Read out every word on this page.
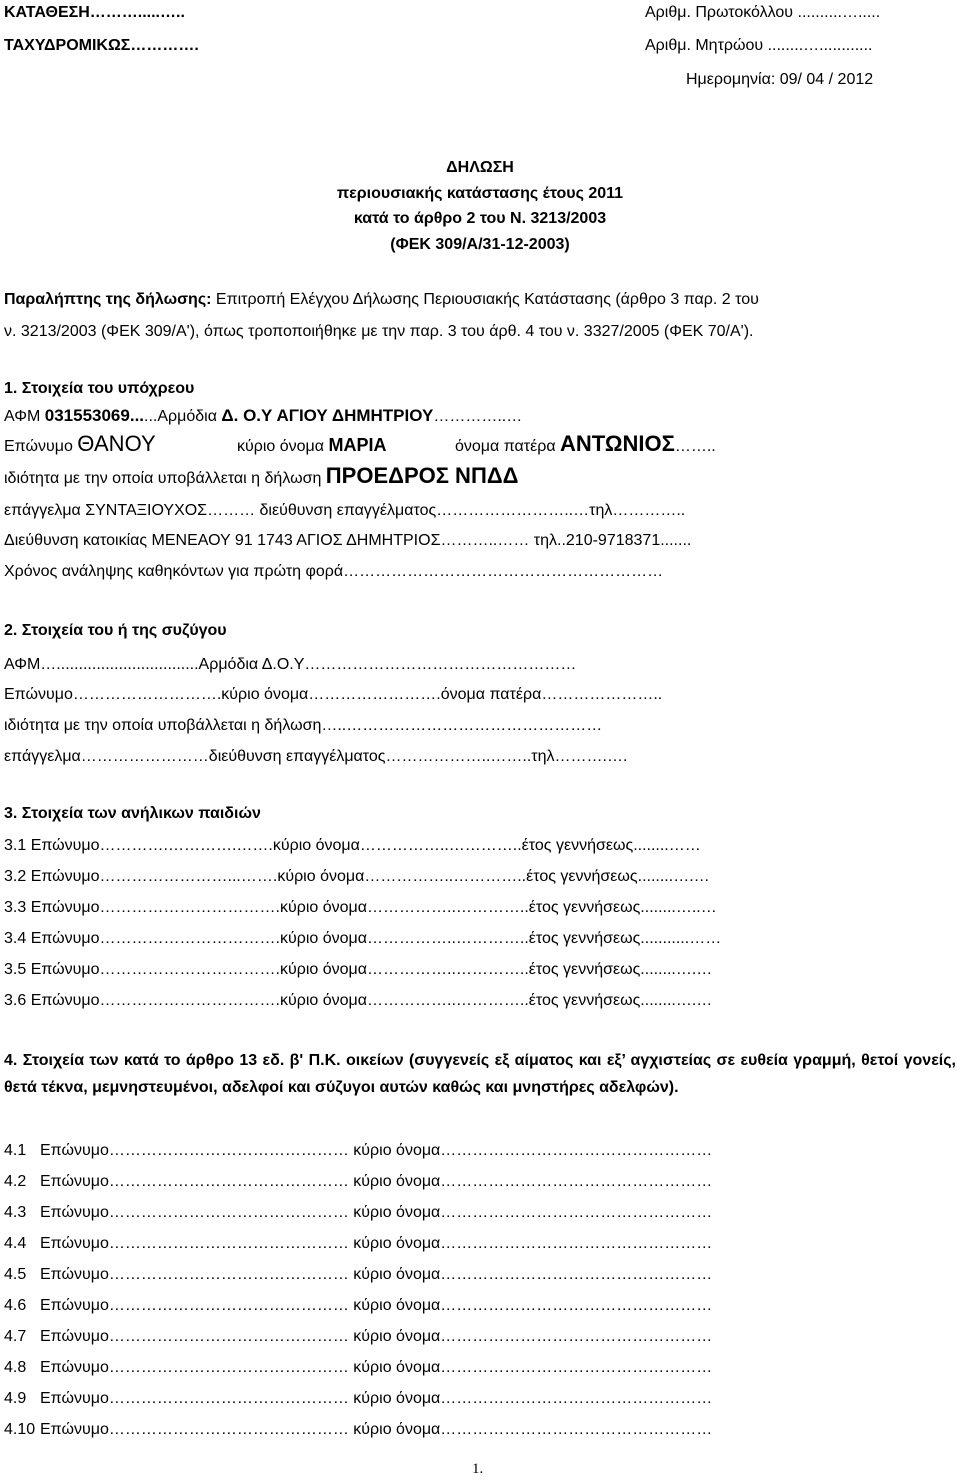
ΚΑΤΑΘΕΣΗ……….....…..
ΤΑΧΥΔΡΟΜΙΚΩΣ………….
Αριθμ. Πρωτοκόλλου ..........….....
Αριθμ. Μητρώου ........…............
Ημερομηνία: 09/ 04 / 2012
ΔΗΛΩΣΗ
περιουσιακής κατάστασης έτους 2011
κατά το άρθρο 2 του Ν. 3213/2003
(ΦΕΚ 309/Α/31-12-2003)
Παραλήπτης της δήλωσης: Επιτροπή Ελέγχου Δήλωσης Περιουσιακής Κατάστασης (άρθρο 3 παρ. 2 του
ν. 3213/2003 (ΦΕΚ 309/Α'), όπως τροποποιήθηκε με την παρ. 3 του άρθ. 4 του ν. 3327/2005 (ΦΕΚ 70/Α').
1. Στοιχεία του υπόχρεου
ΑΦΜ 031553069......Αρμόδια Δ. Ο.Υ ΑΓΙΟΥ ΔΗΜΗΤΡΙΟΥ…………..…
Επώνυμο ΘΑΝΟΥ	κύριο όνομα ΜΑΡΙΑ	όνομα πατέρα ΑΝΤΩΝΙΟΣ……..
ιδιότητα με την οποία υποβάλλεται η δήλωση ΠΡΟΕΔΡΟΣ ΝΠΔΔ
επάγγελμα ΣΥΝΤΑΞΙΟΥΧΟΣ……… διεύθυνση επαγγέλματος……………………..…τηλ…………..
Διεύθυνση κατοικίας ΜΕΝΕΑΟΥ 91 1743 ΑΓΙΟΣ ΔΗΜΗΤΡΙΟΣ………..…… τηλ..210-9718371.......
Χρόνος ανάληψης καθηκόντων για πρώτη φορά……………………………………………………
2. Στοιχεία του ή της συζύγου
ΑΦΜ…................................Αρμόδια Δ.Ο.Υ……………………………………………
Επώνυμο……………………….κύριο όνομα…………………….όνομα πατέρα…………………..
ιδιότητα με την οποία υποβάλλεται η δήλωση…..…………………………………………
επάγγελμα……………………διεύθυνση επαγγέλματος………………..……..τηλ……….….
3. Στοιχεία των ανήλικων παιδιών
3.1 Επώνυμο………….………….…….κύριο όνομα……………..…………..έτος γεννήσεως........……
3.2 Επώνυμο……………………...…….κύριο όνομα……………..…………..έτος γεννήσεως........….…
3.3 Επώνυμο…………………………….κύριο όνομα……………..…………..έτος γεννήσεως........…..…
3.4 Επώνυμο…………………………….κύριο όνομα……………..…………..έτος γεννήσεως...........……
3.5 Επώνυμο…………………………….κύριο όνομα……………..…………..έτος γεννήσεως........….…
3.6 Επώνυμο…………………………….κύριο όνομα……………..…………..έτος γεννήσεως........….…
4. Στοιχεία των κατά το άρθρο 13 εδ. β' Π.Κ. οικείων (συγγενείς εξ αίματος και εξ’ αγχιστείας σε ευθεία γραμμή, θετοί γονείς, θετά τέκνα, μεμνηστευμένοι, αδελφοί και σύζυγοι αυτών καθώς και μνηστήρες αδελφών).
4.1 Επώνυμο……………………………………… κύριο όνομα……………………………………………
4.2 Επώνυμο……………………………………… κύριο όνομα……………………………………………
4.3 Επώνυμο……………………………………… κύριο όνομα……………………………………………
4.4 Επώνυμο……………………………………… κύριο όνομα……………………………………………
4.5 Επώνυμο……………………………………… κύριο όνομα……………………………………………
4.6 Επώνυμο……………………………………… κύριο όνομα……………………………………………
4.7 Επώνυμο……………………………………… κύριο όνομα……………………………………………
4.8 Επώνυμο……………………………………… κύριο όνομα……………………………………………
4.9 Επώνυμο……………………………………… κύριο όνομα……………………………………………
4.10 Επώνυμο……………………………………… κύριο όνομα……………………………………………
1.
